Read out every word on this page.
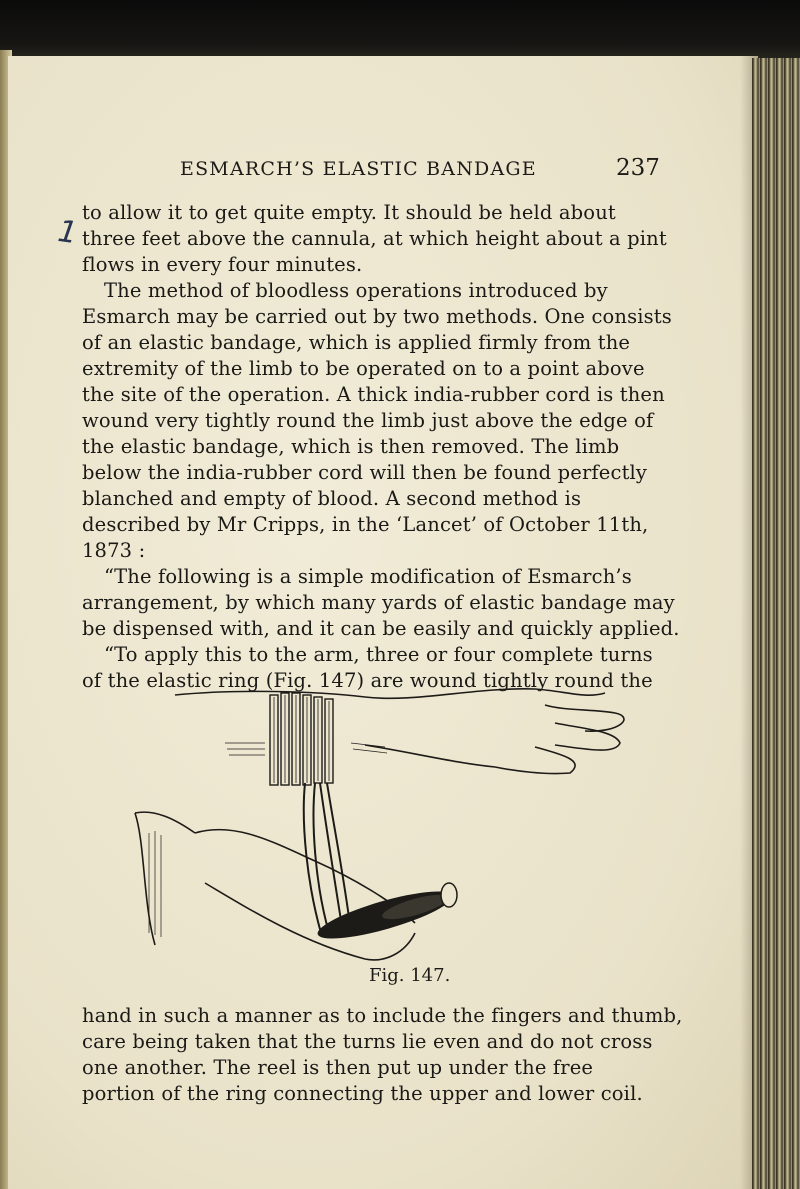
ESMARCH’S ELASTIC BANDAGE	237
1
to allow it to get quite empty. It should be held about
three feet above the cannula, at which height about a pint
flows in every four minutes.
The method of bloodless operations introduced by
Esmarch may be carried out by two methods. One consists
of an elastic bandage, which is applied firmly from the
extremity of the limb to be operated on to a point above
the site of the operation. A thick india-rubber cord is then
wound very tightly round the limb just above the edge of
the elastic bandage, which is then removed. The limb
below the india-rubber cord will then be found perfectly
blanched and empty of blood. A second method is
described by Mr Cripps, in the ‘Lancet’ of October 11th,
1873 :
“The following is a simple modification of Esmarch’s
arrangement, by which many yards of elastic bandage may
be dispensed with, and it can be easily and quickly applied.
“To apply this to the arm, three or four complete turns
of the elastic ring (Fig. 147) are wound tightly round the
Fig. 147.
hand in such a manner as to include the fingers and thumb,
care being taken that the turns lie even and do not cross
one another. The reel is then put up under the free
portion of the ring connecting the upper and lower coil.
